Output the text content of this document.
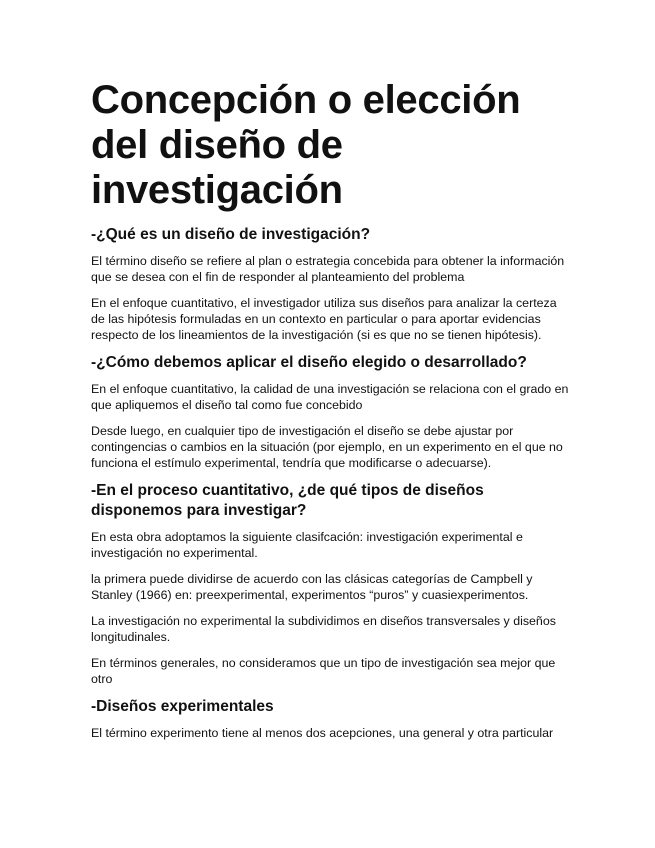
Concepción o elección del diseño de investigación
-¿Qué es un diseño de investigación?

El término diseño se refiere al plan o estrategia concebida para obtener la información que se desea con el fin de responder al planteamiento del problema

En el enfoque cuantitativo, el investigador utiliza sus diseños para analizar la certeza de las hipótesis formuladas en un contexto en particular o para aportar evidencias respecto de los lineamientos de la investigación (si es que no se tienen hipótesis).

-¿Cómo debemos aplicar el diseño elegido o desarrollado?

En el enfoque cuantitativo, la calidad de una investigación se relaciona con el grado en que apliquemos el diseño tal como fue concebido

Desde luego, en cualquier tipo de investigación el diseño se debe ajustar por contingencias o cambios en la situación (por ejemplo, en un experimento en el que no funciona el estímulo experimental, tendría que modificarse o adecuarse).

-En el proceso cuantitativo, ¿de qué tipos de diseños disponemos para investigar?

En esta obra adoptamos la siguiente clasifcación: investigación experimental e investigación no experimental.

la primera puede dividirse de acuerdo con las clásicas categorías de Campbell y Stanley (1966) en: preexperimental, experimentos “puros” y cuasiexperimentos.

La investigación no experimental la subdividimos en diseños transversales y diseños longitudinales.

En términos generales, no consideramos que un tipo de investigación sea mejor que otro

-Diseños experimentales

El término experimento tiene al menos dos acepciones, una general y otra particular
